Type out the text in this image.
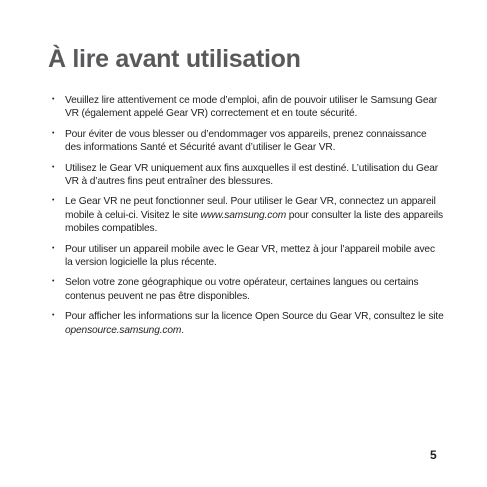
À lire avant utilisation
• Veuillez lire attentivement ce mode d’emploi, afin de pouvoir utiliser le Samsung Gear VR (également appelé Gear VR) correctement et en toute sécurité.
• Pour éviter de vous blesser ou d’endommager vos appareils, prenez connaissance des informations Santé et Sécurité avant d’utiliser le Gear VR.
• Utilisez le Gear VR uniquement aux fins auxquelles il est destiné. L’utilisation du Gear VR à d’autres fins peut entraîner des blessures.
• Le Gear VR ne peut fonctionner seul. Pour utiliser le Gear VR, connectez un appareil mobile à celui-ci. Visitez le site www.samsung.com pour consulter la liste des appareils mobiles compatibles.
• Pour utiliser un appareil mobile avec le Gear VR, mettez à jour l’appareil mobile avec la version logicielle la plus récente.
• Selon votre zone géographique ou votre opérateur, certaines langues ou certains contenus peuvent ne pas être disponibles.
• Pour afficher les informations sur la licence Open Source du Gear VR, consultez le site opensource.samsung.com.
5
